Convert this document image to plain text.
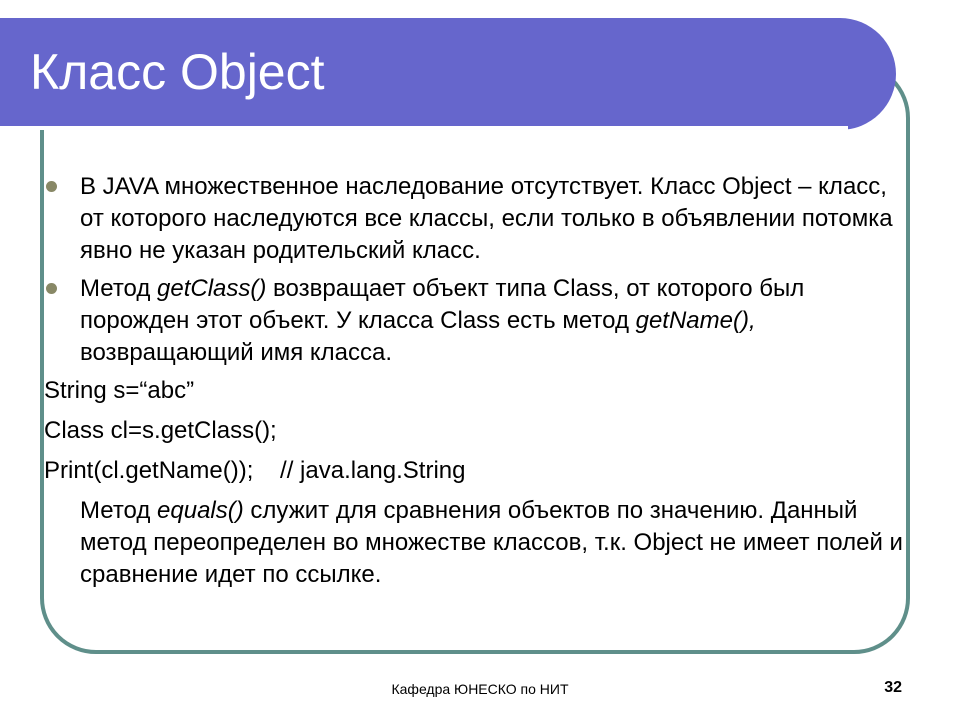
Класс Object
В JAVA множественное наследование отсутствует. Класс Object – класс, от которого наследуются все классы, если только в объявлении потомка явно не указан родительский класс.
Метод getClass() возвращает объект типа Class, от которого был порожден этот объект. У класса Class есть метод getName(), возвращающий имя класса.
String s=“abc”
Class cl=s.getClass();
Print(cl.getName());    // java.lang.String
Метод equals() служит для сравнения объектов по значению. Данный метод переопределен во множестве классов, т.к. Object не имеет полей и сравнение идет по ссылке.
Кафедра ЮНЕСКО по НИТ	32
